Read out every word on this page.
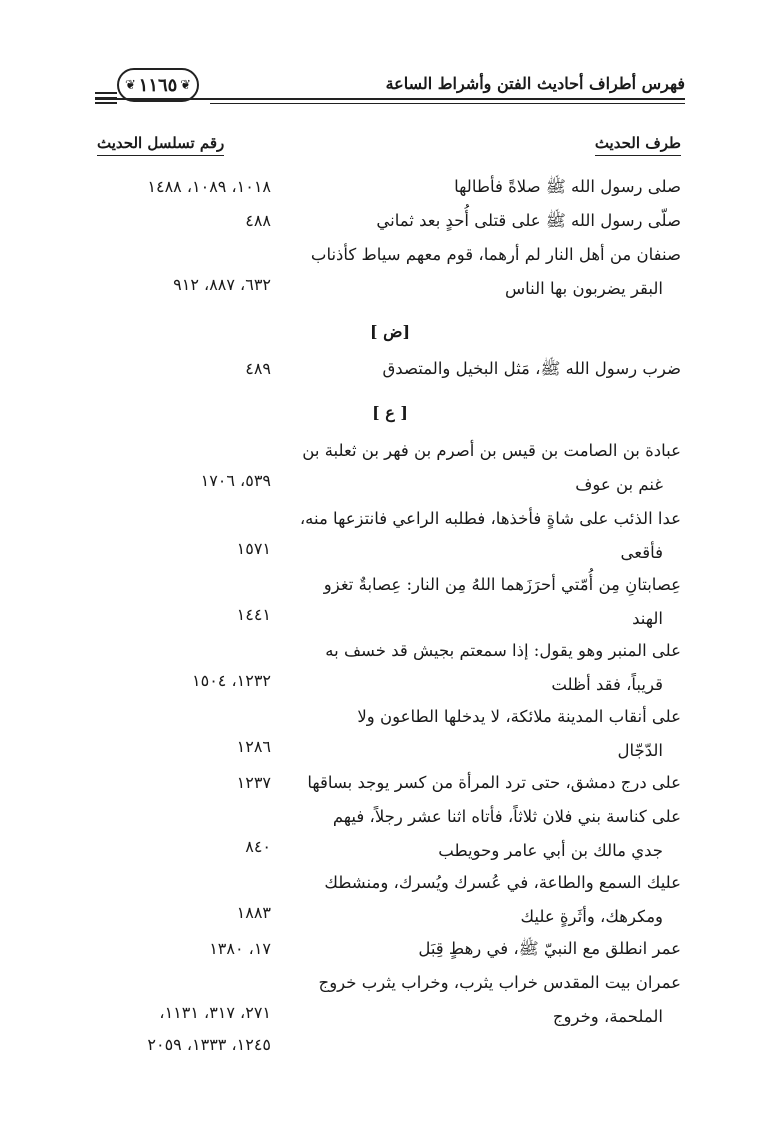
❦ ١١٦٥ ❦	فهرس أطراف أحاديث الفتن وأشراط الساعة
طرف الحديث
رقم تسلسل الحديث
صلى رسول الله ﷺ صلاةً فأطالها
١٠١٨، ١٠٨٩، ١٤٨٨
صلّى رسول الله ﷺ على قتلى أُحدٍ بعد ثماني
٤٨٨
صنفان من أهل النار لم أرهما، قوم معهم سياط كأذناب
البقر يضربون بها الناس
٦٣٢، ٨٨٧، ٩١٢
[ض ]
ضرب رسول الله ﷺ، مَثل البخيل والمتصدق
٤٨٩
[ ع ]
عبادة بن الصامت بن قيس بن أصرم بن فهر بن ثعلبة بن
غنم بن عوف
٥٣٩، ١٧٠٦
عدا الذئب على شاةٍ فأخذها، فطلبه الراعي فانتزعها منه،
فأقعى
١٥٧١
عِصابتانِ مِن أُمّتي أحرَزَهما اللهُ مِن النار: عِصابةٌ تغزو
الهند
١٤٤١
على المنبر وهو يقول: إذا سمعتم بجيش قد خسف به
قريباً، فقد أظلت
١٢٣٢، ١٥٠٤
على أنقاب المدينة ملائكة، لا يدخلها الطاعون ولا
الدّجّال
١٢٨٦
على درج دمشق، حتى ترد المرأة من كسر يوجد بساقها
١٢٣٧
على كناسة بني فلان ثلاثاً، فأتاه اثنا عشر رجلاً، فيهم
جدي مالك بن أبي عامر وحويطب
٨٤٠
عليك السمع والطاعة، في عُسرك ويُسرك، ومنشطك
ومكرهك، وأثَرةٍ عليك
١٨٨٣
عمر انطلق مع النبيّ ﷺ، في رهطٍ قِبَل
١٧، ١٣٨٠
عمران بيت المقدس خراب يثرب، وخراب يثرب خروج
الملحمة، وخروج
٢٧١، ٣١٧، ١١٣١،
١٢٤٥، ١٣٣٣، ٢٠٥٩
